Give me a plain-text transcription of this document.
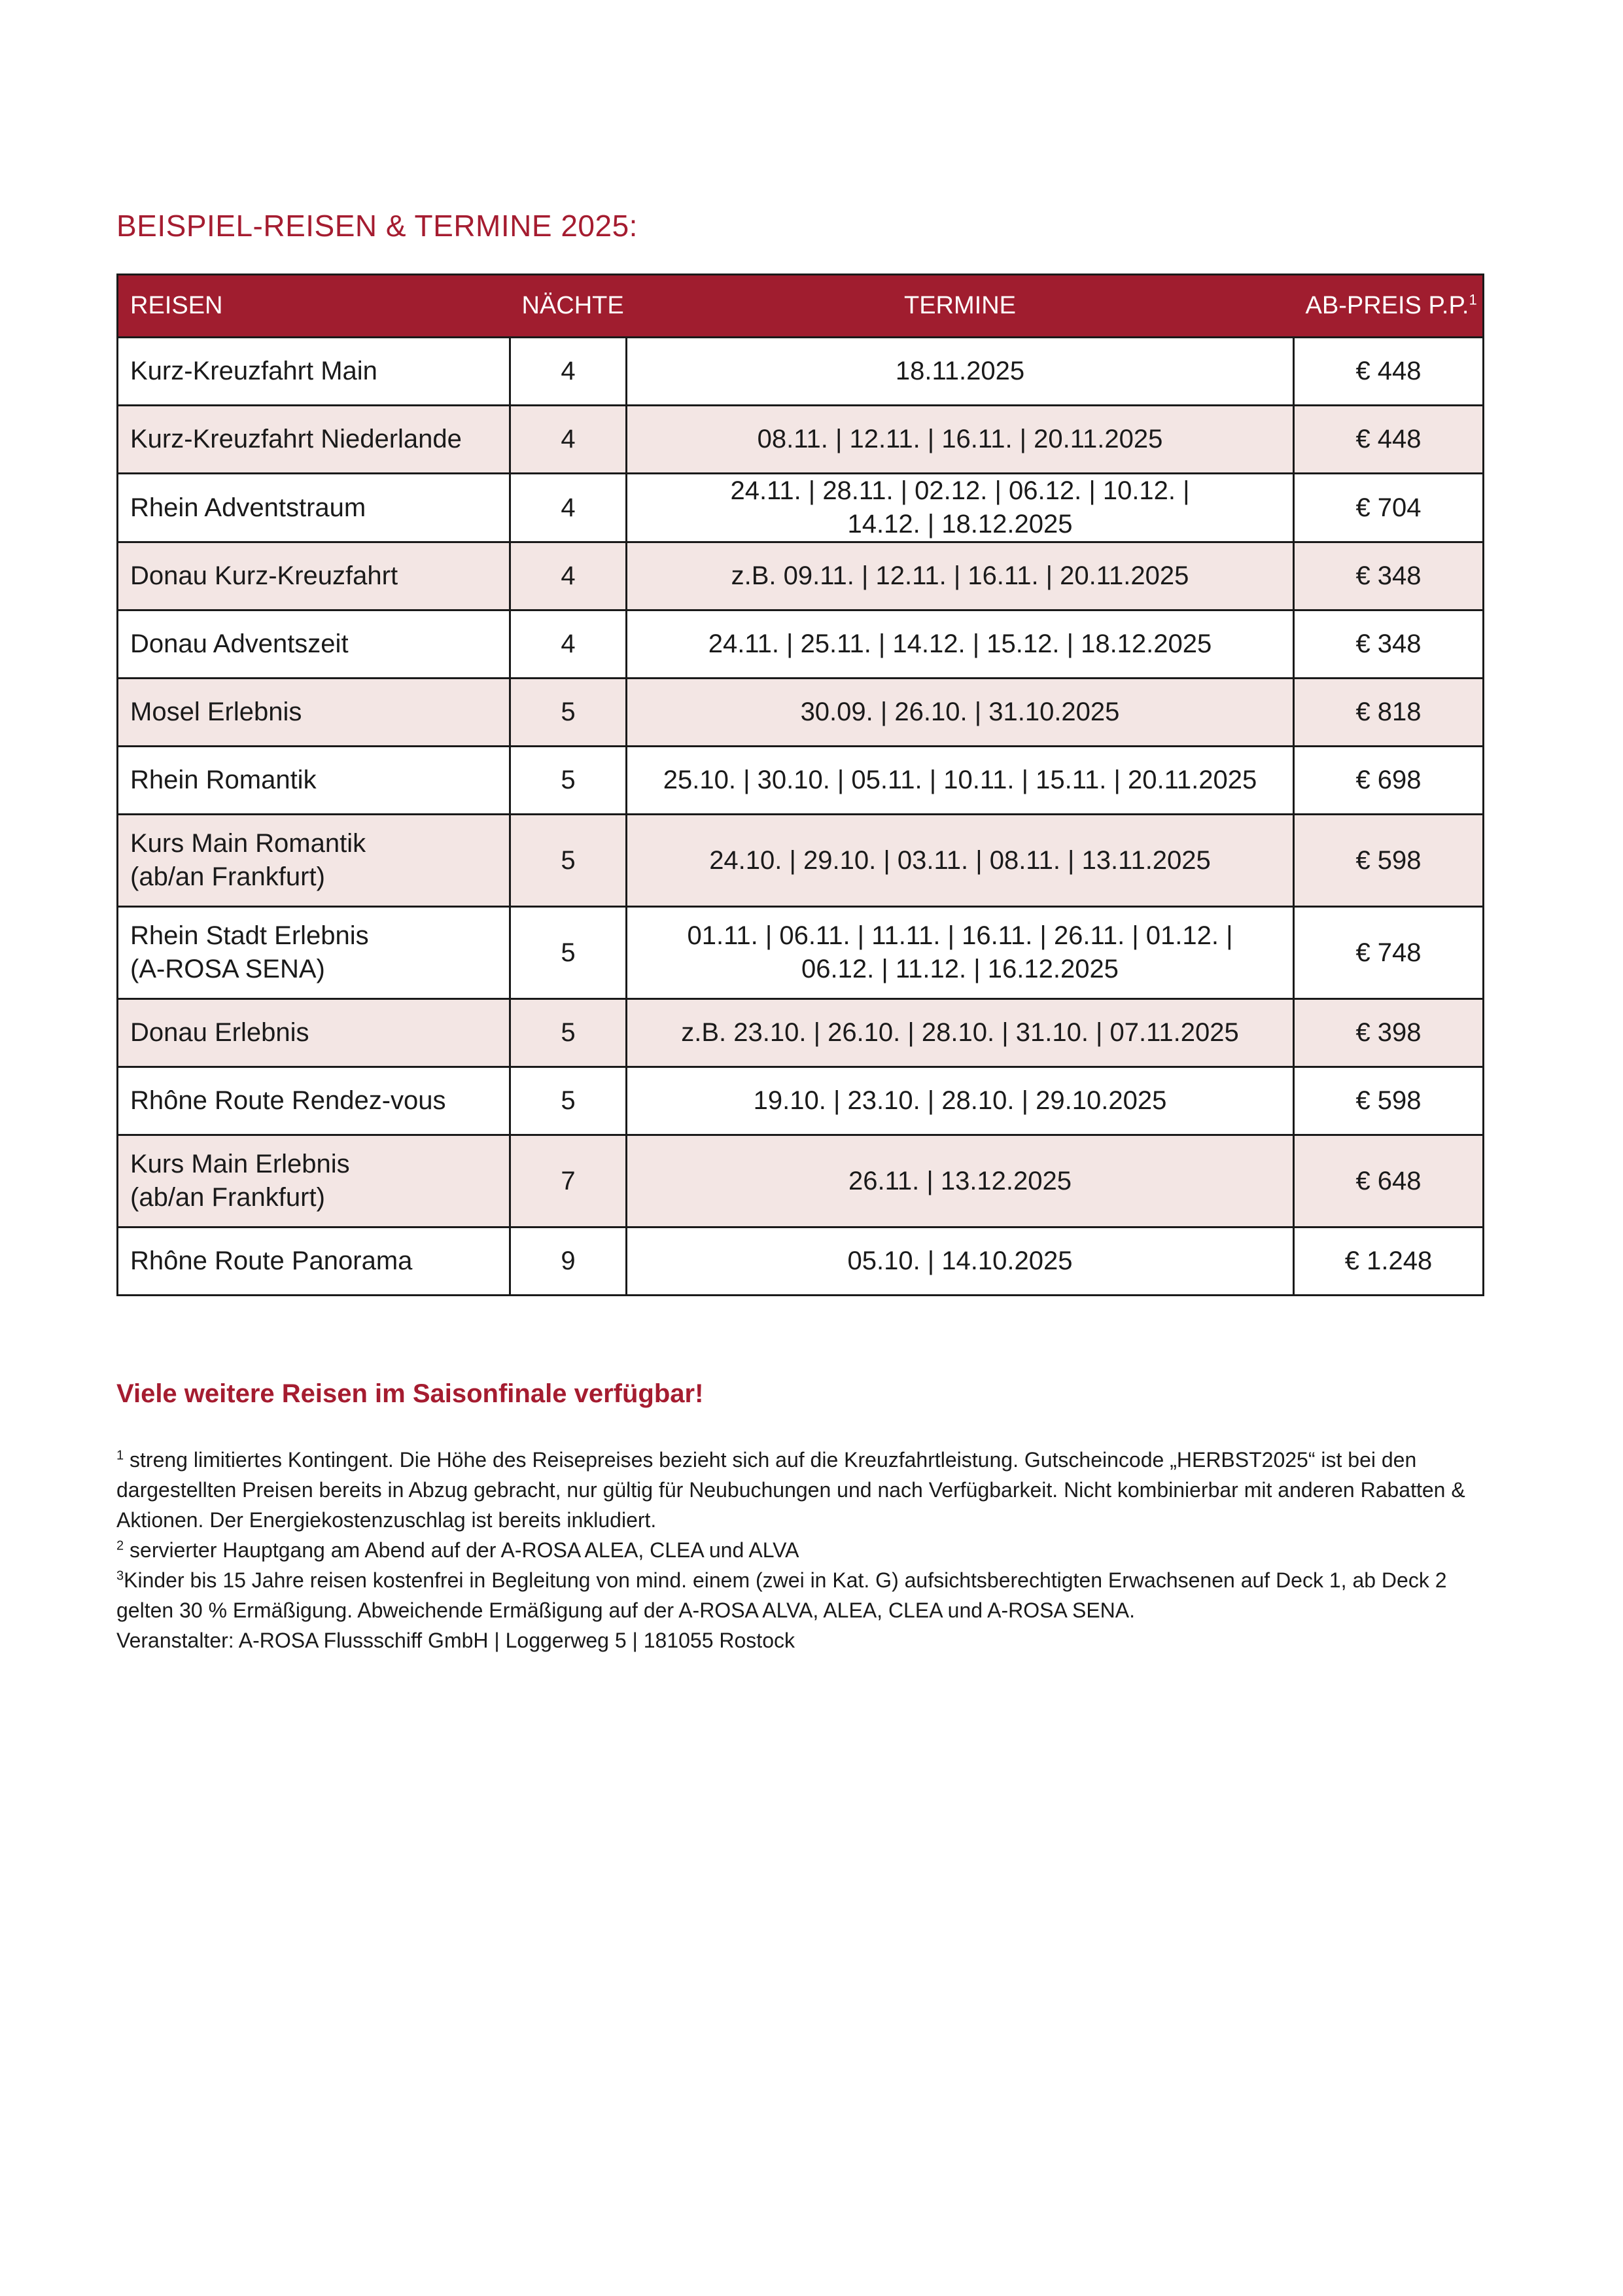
BEISPIEL-REISEN & TERMINE 2025:
REISEN	NÄCHTE	TERMINE	AB-PREIS P.P.$^1$
Kurz-Kreuzfahrt Main	4	18.11.2025	€ 448
Kurz-Kreuzfahrt Niederlande	4	08.11. | 12.11. | 16.11. | 20.11.2025	€ 448
Rhein Adventstraum	4	24.11. | 28.11. | 02.12. | 06.12. | 10.12. |
14.12. | 18.12.2025	€ 704
Donau Kurz-Kreuzfahrt	4	z.B. 09.11. | 12.11. | 16.11. | 20.11.2025	€ 348
Donau Adventszeit	4	24.11. | 25.11. | 14.12. | 15.12. | 18.12.2025	€ 348
Mosel Erlebnis	5	30.09. | 26.10. | 31.10.2025	€ 818
Rhein Romantik	5	25.10. | 30.10. | 05.11. | 10.11. | 15.11. | 20.11.2025	€ 698
Kurs Main Romantik
(ab/an Frankfurt)	5	24.10. | 29.10. | 03.11. | 08.11. | 13.11.2025	€ 598
Rhein Stadt Erlebnis
(A-ROSA SENA)	5	01.11. | 06.11. | 11.11. | 16.11. | 26.11. | 01.12. |
06.12. | 11.12. | 16.12.2025	€ 748
Donau Erlebnis	5	z.B. 23.10. | 26.10. | 28.10. | 31.10. | 07.11.2025	€ 398
Rhône Route Rendez-vous	5	19.10. | 23.10. | 28.10. | 29.10.2025	€ 598
Kurs Main Erlebnis
(ab/an Frankfurt)	7	26.11. | 13.12.2025	€ 648
Rhône Route Panorama	9	05.10. | 14.10.2025	€ 1.248
Viele weitere Reisen im Saisonfinale verfügbar!

$^1$ streng limitiertes Kontingent. Die Höhe des Reisepreises bezieht sich auf die Kreuzfahrtleistung. Gutscheincode „HERBST2025“ ist bei den dargestellten Preisen bereits in Abzug gebracht, nur gültig für Neubuchungen und nach Verfügbarkeit. Nicht kombinierbar mit anderen Rabatten & Aktionen. Der Energiekostenzuschlag ist bereits inkludiert.

$^2$ servierter Hauptgang am Abend auf der A-ROSA ALEA, CLEA und ALVA

$^3$Kinder bis 15 Jahre reisen kostenfrei in Begleitung von mind. einem (zwei in Kat. G) aufsichtsberechtigten Erwachsenen auf Deck 1, ab Deck 2 gelten 30 % Ermäßigung. Abweichende Ermäßigung auf der A-ROSA ALVA, ALEA, CLEA und A-ROSA SENA.

Veranstalter: A-ROSA Flussschiff GmbH | Loggerweg 5 | 181055 Rostock
